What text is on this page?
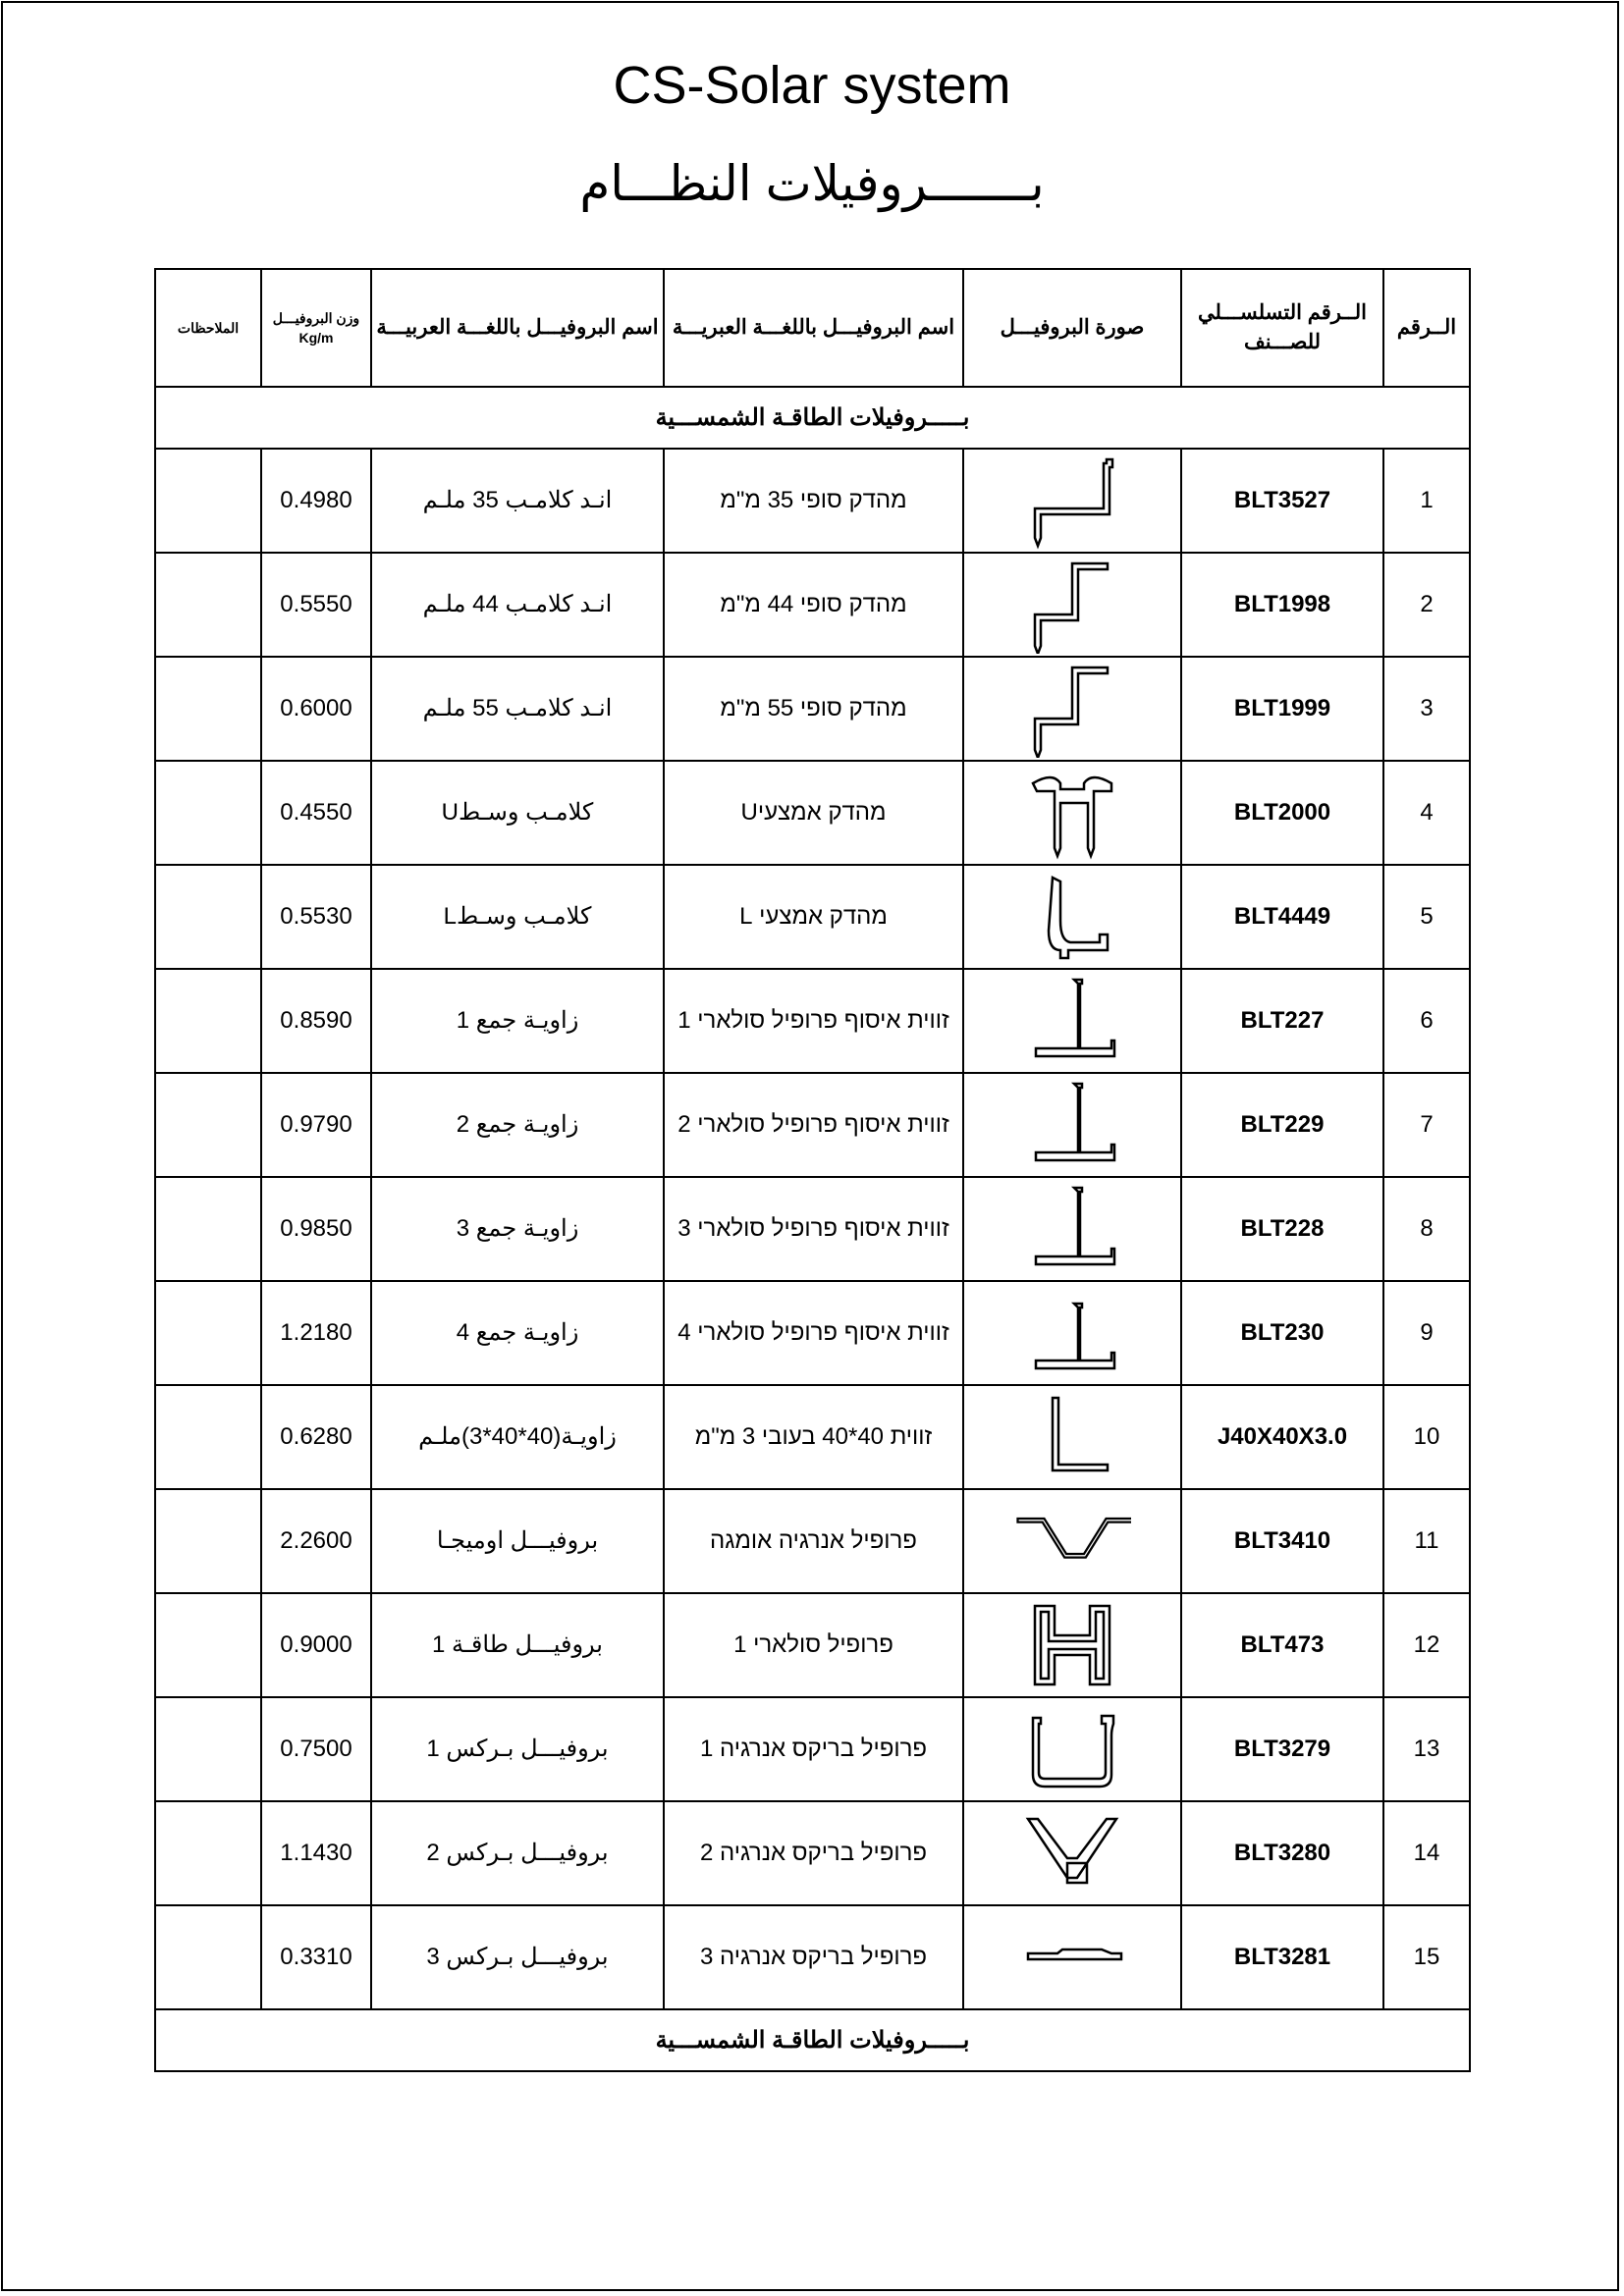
CS-Solar system
بـــــــروفيلات النظـــام
الملاحظات	وزن البروفيـــل
Kg/m	اسم البروفيـــل باللغـــة العربيـــة	اسم البروفيـــل باللغـــة العبريـــة	صورة البروفيـــل	الــرقم التسلســـلي للصـــنف	الــرقم
بـــــروفيلات الطاقـة الشمســـية						
	0.4980	انـد كلامـب 35 ملـم	מהדק סופי 35 מ"מ		BLT3527	1
	0.5550	انـد كلامـب 44 ملـم	מהדק סופי 44 מ"מ		BLT1998	2
	0.6000	انـد كلامـب 55 ملـم	מהדק סופי 55 מ"מ		BLT1999	3
	0.4550	كلامـب وسـطU	מהדק אמצעיU		BLT2000	4
	0.5530	كلامـب وسـطL	מהדק אמצעי L		BLT4449	5
	0.8590	زاويـة جمع 1	זווית איסוף פרופיל סולארי 1		BLT227	6
	0.9790	زاويـة جمع 2	זווית איסוף פרופיל סולארי 2		BLT229	7
	0.9850	زاويـة جمع 3	זווית איסוף פרופיל סולארי 3		BLT228	8
	1.2180	زاويـة جمع 4	זווית איסוף פרופיל סולארי 4		BLT230	9
	0.6280	زاويـة(40*40*3)ملـم	זווית 40*40 בעובי 3 מ"מ		J40X40X3.0	10
	2.2600	بروفيـــل اوميجـا	פרופיל אנרגיה אומגה		BLT3410	11
	0.9000	بروفيـــل طاقـة 1	פרופיל סולארי 1		BLT473	12
	0.7500	بروفيـــل بـركس 1	פרופיל בריקס אנרגיה 1		BLT3279	13
	1.1430	بروفيـــل بـركس 2	פרופיל בריקס אנרגיה 2		BLT3280	14
	0.3310	بروفيـــل بـركس 3	פרופיל בריקס אנרגיה 3		BLT3281	15
بـــــروفيلات الطاقـة الشمســـية						
